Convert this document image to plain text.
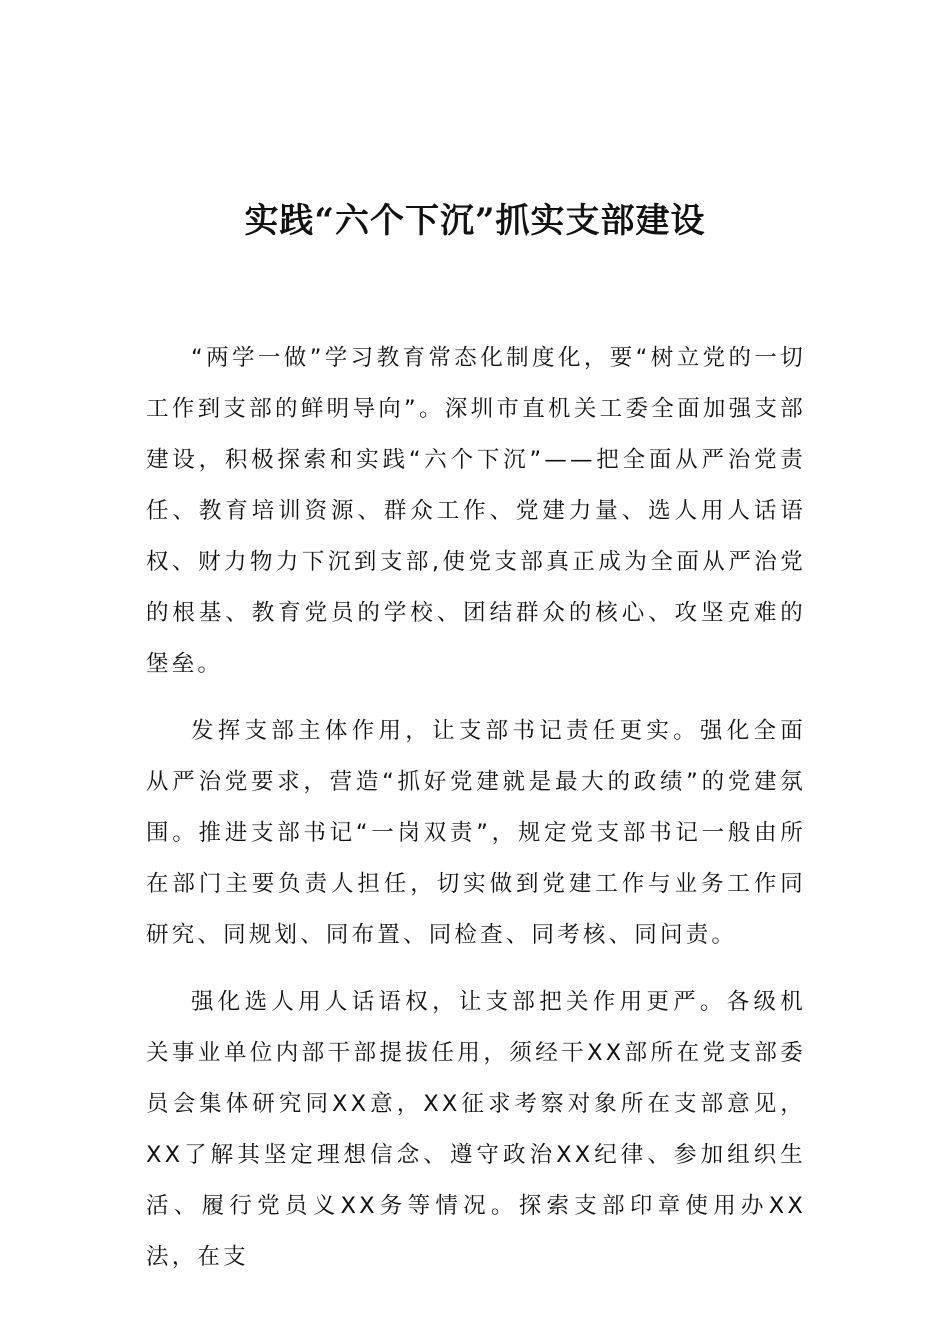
实践“六个下沉”抓实支部建设

“两学一做”学习教育常态化制度化，要“树立党的一切工作到支部的鲜明导向”。深圳市直机关工委全面加强支部建设，积极探索和实践“六个下沉”——把全面从严治党责任、教育培训资源、群众工作、党建力量、选人用人话语权、财力物力下沉到支部,使党支部真正成为全面从严治党的根基、教育党员的学校、团结群众的核心、攻坚克难的堡垒。

发挥支部主体作用，让支部书记责任更实。强化全面从严治党要求，营造“抓好党建就是最大的政绩”的党建氛围。推进支部书记“一岗双责”，规定党支部书记一般由所在部门主要负责人担任，切实做到党建工作与业务工作同研究、同规划、同布置、同检查、同考核、同问责。

强化选人用人话语权，让支部把关作用更严。各级机关事业单位内部干部提拔任用，须经干XX部所在党支部委员会集体研究同XX意，XX征求考察对象所在支部意见，XX了解其坚定理想信念、遵守政治XX纪律、参加组织生活、履行党员义XX务等情况。探索支部印章使用办XX法，在支
